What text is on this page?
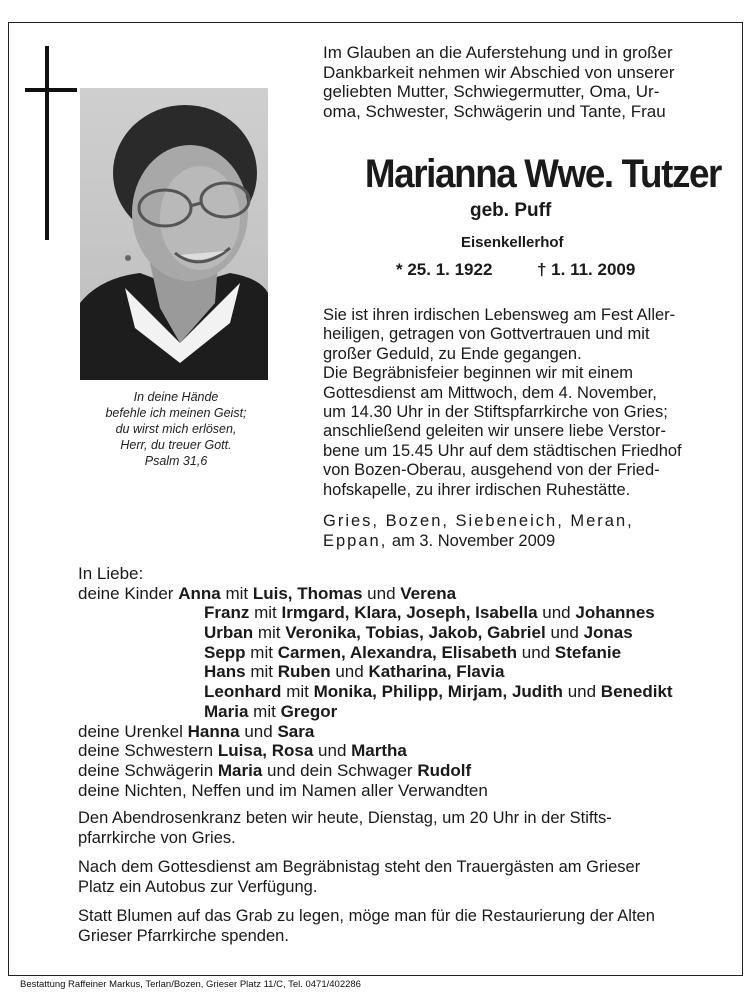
In deine Hände
befehle ich meinen Geist;
du wirst mich erlösen,
Herr, du treuer Gott.
Psalm 31,6
Im Glauben an die Auferstehung und in großer
Dankbarkeit nehmen wir Abschied von unserer
geliebten Mutter, Schwiegermutter, Oma, Ur-
oma, Schwester, Schwägerin und Tante, Frau
Marianna Wwe. Tutzer
geb. Puff
Eisenkellerhof
* 25. 1. 1922	† 1. 11. 2009
Sie ist ihren irdischen Lebensweg am Fest Aller-
heiligen, getragen von Gottvertrauen und mit
großer Geduld, zu Ende gegangen.
Die Begräbnisfeier beginnen wir mit einem
Gottesdienst am Mittwoch, dem 4. November,
um 14.30 Uhr in der Stiftspfarrkirche von Gries;
anschließend geleiten wir unsere liebe Verstor-
bene um 15.45 Uhr auf dem städtischen Friedhof
von Bozen-Oberau, ausgehend von der Fried-
hofskapelle, zu ihrer irdischen Ruhestätte.
Gries, Bozen, Siebeneich, Meran,
Eppan, am 3. November 2009
In Liebe:
deine Kinder Anna mit Luis, Thomas und Verena
Franz mit Irmgard, Klara, Joseph, Isabella und Johannes
Urban mit Veronika, Tobias, Jakob, Gabriel und Jonas
Sepp mit Carmen, Alexandra, Elisabeth und Stefanie
Hans mit Ruben und Katharina, Flavia
Leonhard mit Monika, Philipp, Mirjam, Judith und Benedikt
Maria mit Gregor
deine Urenkel Hanna und Sara
deine Schwestern Luisa, Rosa und Martha
deine Schwägerin Maria und dein Schwager Rudolf
deine Nichten, Neffen und im Namen aller Verwandten

Den Abendrosenkranz beten wir heute, Dienstag, um 20 Uhr in der Stifts-
pfarrkirche von Gries.

Nach dem Gottesdienst am Begräbnistag steht den Trauergästen am Grieser
Platz ein Autobus zur Verfügung.

Statt Blumen auf das Grab zu legen, möge man für die Restaurierung der Alten
Grieser Pfarrkirche spenden.

Bestattung Raffeiner Markus, Terlan/Bozen, Grieser Platz 11/C, Tel. 0471/402286
